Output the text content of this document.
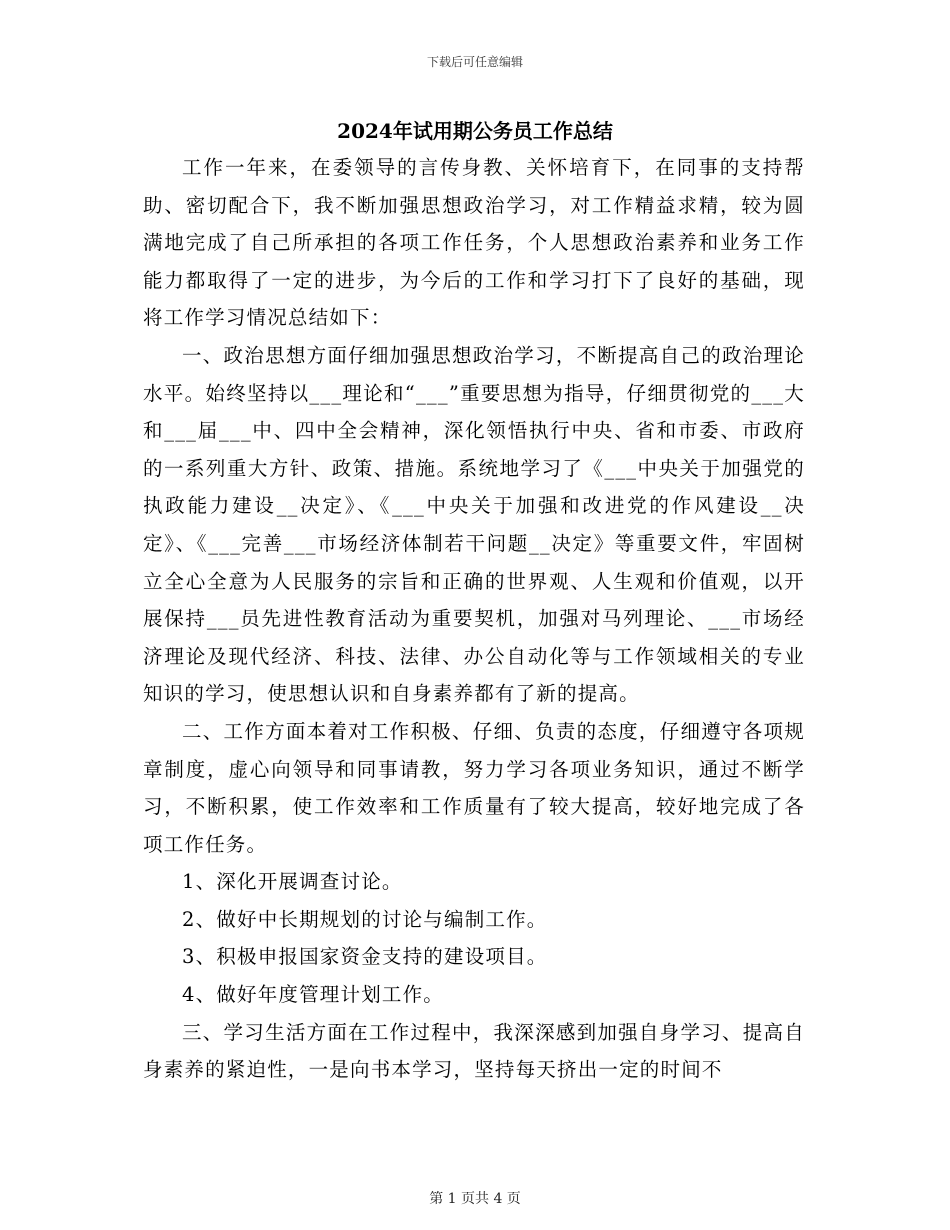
下载后可任意编辑
2024年试用期公务员工作总结

工作一年来，在委领导的言传身教、关怀培育下，在同事的支持帮助、密切配合下，我不断加强思想政治学习，对工作精益求精，较为圆满地完成了自己所承担的各项工作任务，个人思想政治素养和业务工作能力都取得了一定的进步，为今后的工作和学习打下了良好的基础，现将工作学习情况总结如下：

一、政治思想方面仔细加强思想政治学习，不断提高自己的政治理论水平。始终坚持以___理论和“___”重要思想为指导，仔细贯彻党的___大和___届___中、四中全会精神，深化领悟执行中央、省和市委、市政府的一系列重大方针、政策、措施。系统地学习了《___中央关于加强党的执政能力建设__决定》、《___中央关于加强和改进党的作风建设__决定》、《___完善___市场经济体制若干问题__决定》等重要文件，牢固树立全心全意为人民服务的宗旨和正确的世界观、人生观和价值观，以开展保持___员先进性教育活动为重要契机，加强对马列理论、___市场经济理论及现代经济、科技、法律、办公自动化等与工作领域相关的专业知识的学习，使思想认识和自身素养都有了新的提高。

二、工作方面本着对工作积极、仔细、负责的态度，仔细遵守各项规章制度，虚心向领导和同事请教，努力学习各项业务知识，通过不断学习，不断积累，使工作效率和工作质量有了较大提高，较好地完成了各项工作任务。

1、深化开展调查讨论。

2、做好中长期规划的讨论与编制工作。

3、积极申报国家资金支持的建设项目。

4、做好年度管理计划工作。

三、学习生活方面在工作过程中，我深深感到加强自身学习、提高自身素养的紧迫性，一是向书本学习，坚持每天挤出一定的时间不

第 1 页共 4 页
